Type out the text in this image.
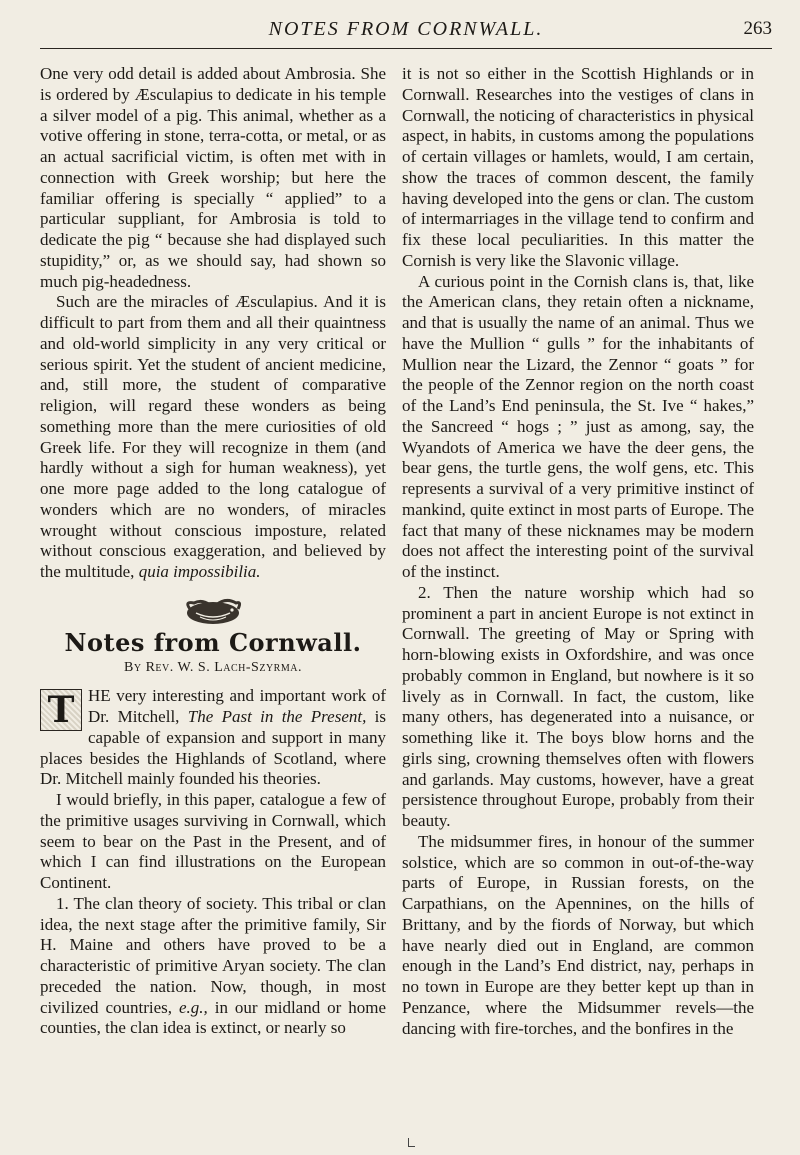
NOTES FROM CORNWALL.	263

One very odd detail is added about Ambrosia. She is ordered by Æsculapius to dedicate in his temple a silver model of a pig. This animal, whether as a votive offering in stone, terra-cotta, or metal, or as an actual sacrificial victim, is often met with in connection with Greek worship; but here the familiar offering is specially “ applied” to a particular suppliant, for Ambrosia is told to dedicate the pig “ because she had displayed such stupidity,” or, as we should say, had shown so much pig-headedness.

Such are the miracles of Æsculapius. And it is difficult to part from them and all their quaintness and old-world simplicity in any very critical or serious spirit. Yet the student of ancient medicine, and, still more, the student of comparative religion, will regard these wonders as being something more than the mere curiosities of old Greek life. For they will recognize in them (and hardly without a sigh for human weakness), yet one more page added to the long catalogue of wonders which are no wonders, of miracles wrought without conscious imposture, related without conscious exaggeration, and believed by the multitude, quia impossibilia.

Notes from Cornwall.
By Rev. W. S. Lach-Szyrma.

T HE very interesting and important work of Dr. Mitchell, The Past in the Present, is capable of expansion and support in many places besides the Highlands of Scotland, where Dr. Mitchell mainly founded his theories.

I would briefly, in this paper, catalogue a few of the primitive usages surviving in Cornwall, which seem to bear on the Past in the Present, and of which I can find illustrations on the European Continent.

1. The clan theory of society. This tribal or clan idea, the next stage after the primitive family, Sir H. Maine and others have proved to be a characteristic of primitive Aryan society. The clan preceded the nation. Now, though, in most civilized countries, e.g., in our midland or home counties, the clan idea is extinct, or nearly so

it is not so either in the Scottish Highlands or in Cornwall. Researches into the vestiges of clans in Cornwall, the noticing of characteristics in physical aspect, in habits, in customs among the populations of certain villages or hamlets, would, I am certain, show the traces of common descent, the family having developed into the gens or clan. The custom of intermarriages in the village tend to confirm and fix these local peculiarities. In this matter the Cornish is very like the Slavonic village.

A curious point in the Cornish clans is, that, like the American clans, they retain often a nickname, and that is usually the name of an animal. Thus we have the Mullion “ gulls ” for the inhabitants of Mullion near the Lizard, the Zennor “ goats ” for the people of the Zennor region on the north coast of the Land’s End peninsula, the St. Ive “ hakes,” the Sancreed “ hogs ; ” just as among, say, the Wyandots of America we have the deer gens, the bear gens, the turtle gens, the wolf gens, etc. This represents a survival of a very primitive instinct of mankind, quite extinct in most parts of Europe. The fact that many of these nicknames may be modern does not affect the interesting point of the survival of the instinct.

2. Then the nature worship which had so prominent a part in ancient Europe is not extinct in Cornwall. The greeting of May or Spring with horn-blowing exists in Oxfordshire, and was once probably common in England, but nowhere is it so lively as in Cornwall. In fact, the custom, like many others, has degenerated into a nuisance, or something like it. The boys blow horns and the girls sing, crowning themselves often with flowers and garlands. May customs, however, have a great persistence throughout Europe, probably from their beauty.

The midsummer fires, in honour of the summer solstice, which are so common in out-of-the-way parts of Europe, in Russian forests, on the Carpathians, on the Apennines, on the hills of Brittany, and by the fiords of Norway, but which have nearly died out in England, are common enough in the Land’s End district, nay, perhaps in no town in Europe are they better kept up than in Penzance, where the Midsummer revels—the dancing with fire-torches, and the bonfires in the
